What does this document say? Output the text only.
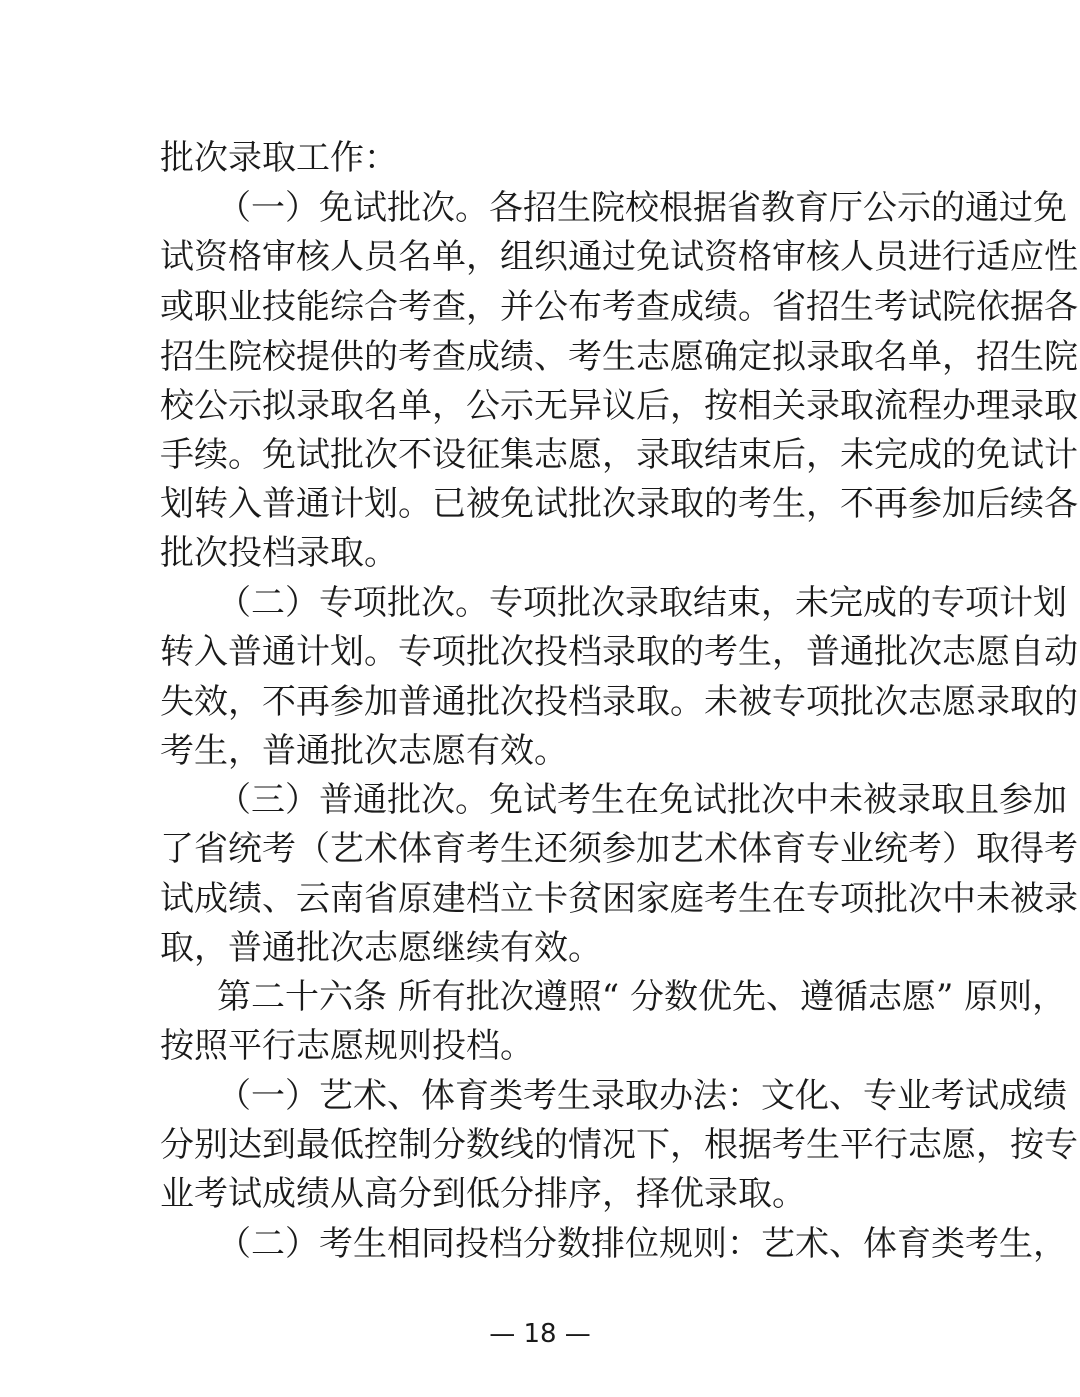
批次录取工作：
（一）免试批次。各招生院校根据省教育厅公示的通过免
试资格审核人员名单，组织通过免试资格审核人员进行适应性
或职业技能综合考查，并公布考查成绩。省招生考试院依据各
招生院校提供的考查成绩、考生志愿确定拟录取名单，招生院
校公示拟录取名单，公示无异议后，按相关录取流程办理录取
手续。免试批次不设征集志愿，录取结束后，未完成的免试计
划转入普通计划。已被免试批次录取的考生，不再参加后续各
批次投档录取。
（二）专项批次。专项批次录取结束，未完成的专项计划
转入普通计划。专项批次投档录取的考生，普通批次志愿自动
失效，不再参加普通批次投档录取。未被专项批次志愿录取的
考生，普通批次志愿有效。
（三）普通批次。免试考生在免试批次中未被录取且参加
了省统考（艺术体育考生还须参加艺术体育专业统考）取得考
试成绩、云南省原建档立卡贫困家庭考生在专项批次中未被录
取，普通批次志愿继续有效。
第二十六条 所有批次遵照“ 分数优先、遵循志愿” 原则，
按照平行志愿规则投档。
（一）艺术、体育类考生录取办法：文化、专业考试成绩
分别达到最低控制分数线的情况下，根据考生平行志愿，按专
业考试成绩从高分到低分排序，择优录取。
（二）考生相同投档分数排位规则：艺术、体育类考生，
— 18 —
